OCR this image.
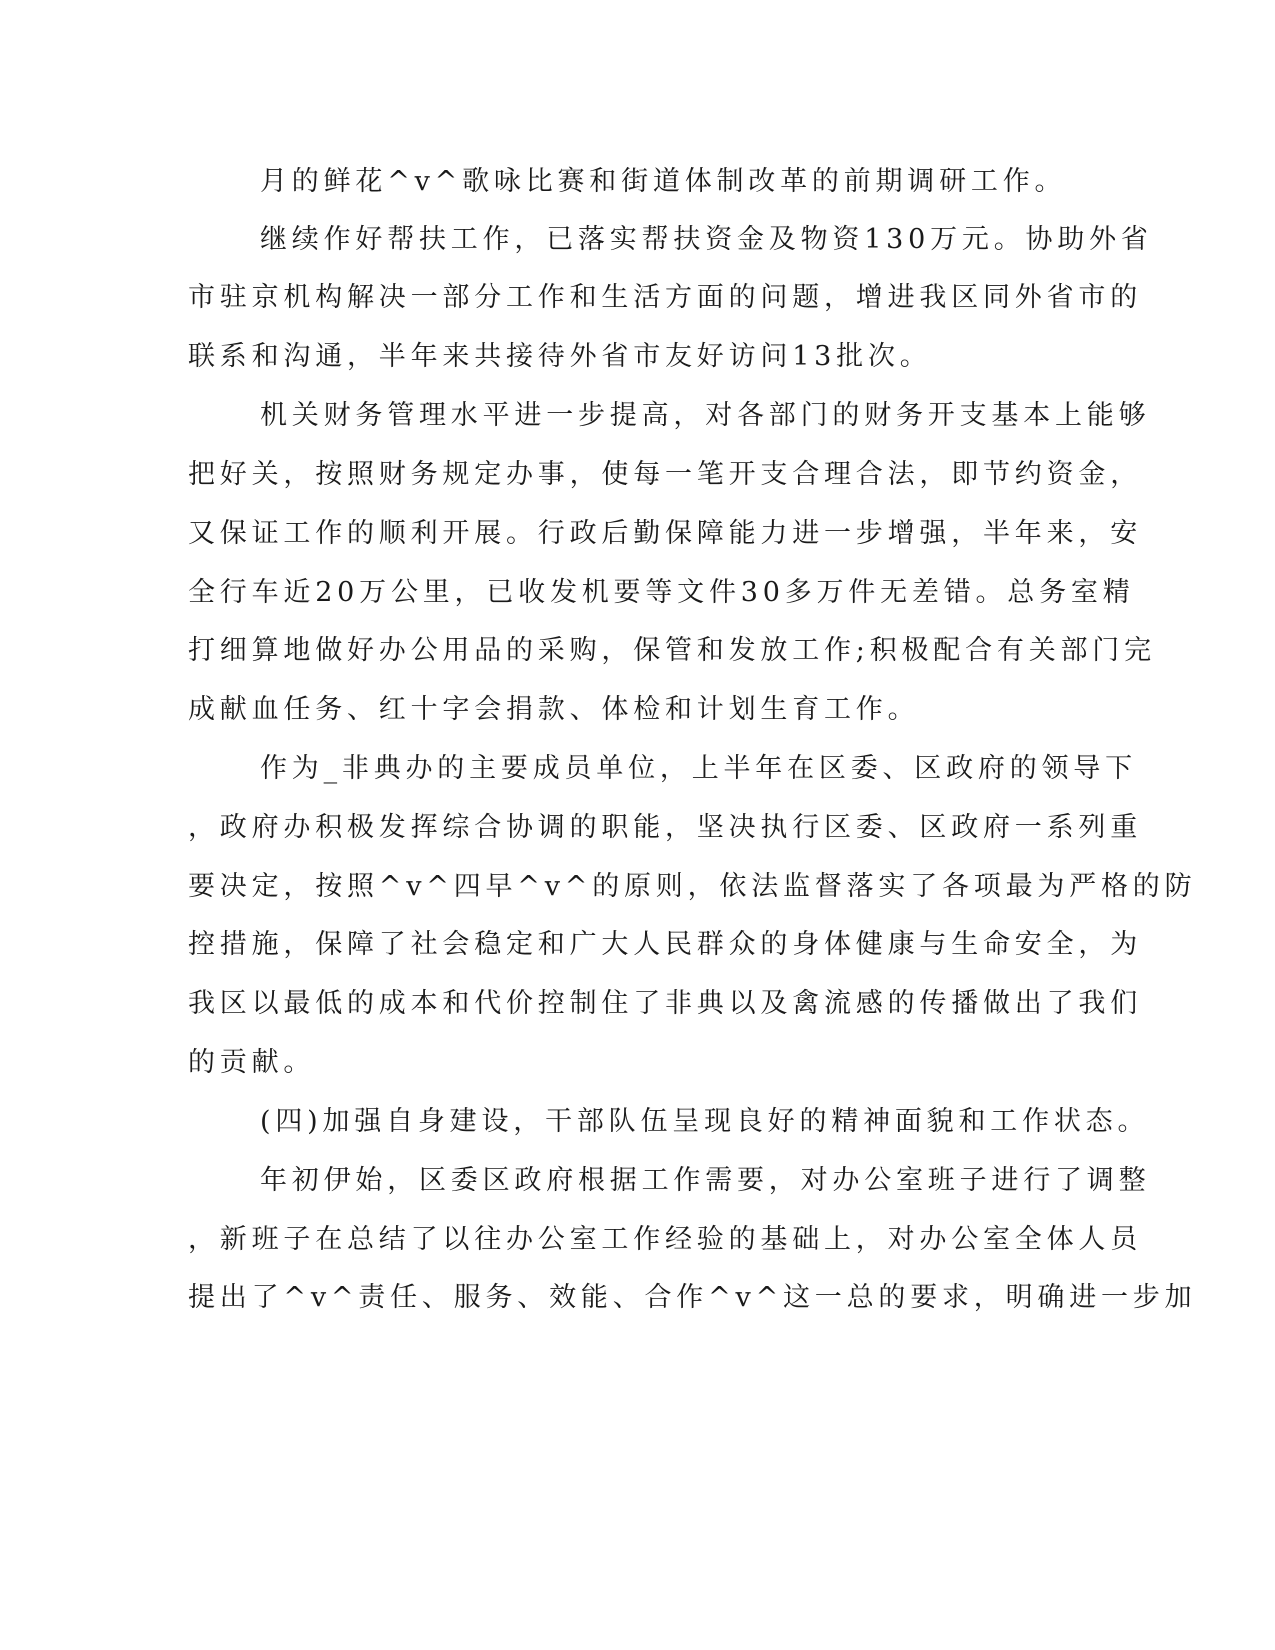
月的鲜花^v^歌咏比赛和街道体制改革的前期调研工作。
继续作好帮扶工作，已落实帮扶资金及物资130万元。协助外省
市驻京机构解决一部分工作和生活方面的问题，增进我区同外省市的
联系和沟通，半年来共接待外省市友好访问13批次。
机关财务管理水平进一步提高，对各部门的财务开支基本上能够
把好关，按照财务规定办事，使每一笔开支合理合法，即节约资金，
又保证工作的顺利开展。行政后勤保障能力进一步增强，半年来，安
全行车近20万公里，已收发机要等文件30多万件无差错。总务室精
打细算地做好办公用品的采购，保管和发放工作;积极配合有关部门完
成献血任务、红十字会捐款、体检和计划生育工作。
作为_非典办的主要成员单位，上半年在区委、区政府的领导下
，政府办积极发挥综合协调的职能，坚决执行区委、区政府一系列重
要决定，按照^v^四早^v^的原则，依法监督落实了各项最为严格的防
控措施，保障了社会稳定和广大人民群众的身体健康与生命安全，为
我区以最低的成本和代价控制住了非典以及禽流感的传播做出了我们
的贡献。
(四)加强自身建设，干部队伍呈现良好的精神面貌和工作状态。
年初伊始，区委区政府根据工作需要，对办公室班子进行了调整
，新班子在总结了以往办公室工作经验的基础上，对办公室全体人员
提出了^v^责任、服务、效能、合作^v^这一总的要求，明确进一步加
